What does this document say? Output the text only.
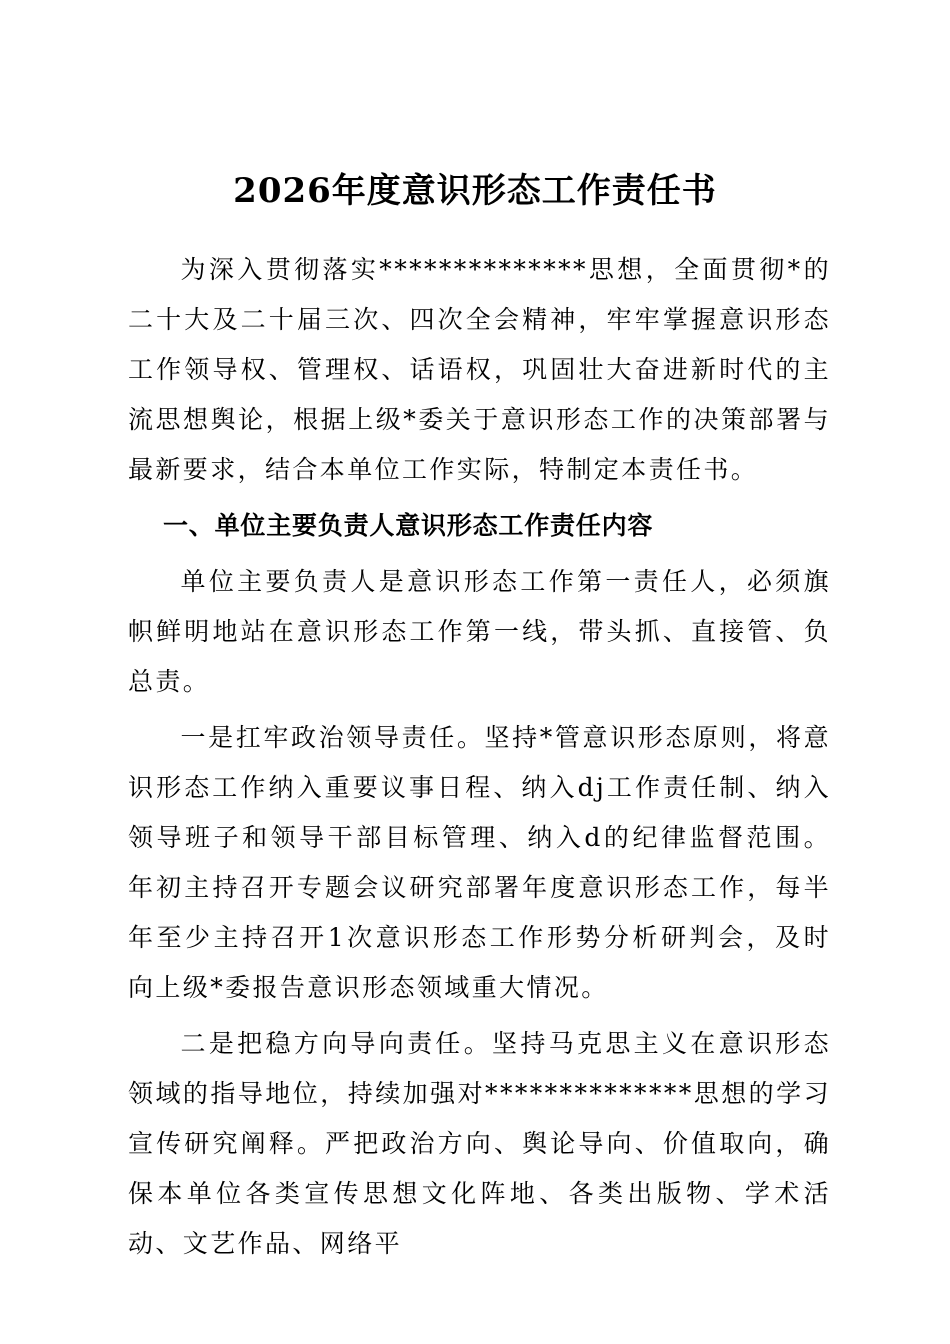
2026年度意识形态工作责任书

为深入贯彻落实**************思想，全面贯彻*的二十大及二十届三次、四次全会精神，牢牢掌握意识形态工作领导权、管理权、话语权，巩固壮大奋进新时代的主流思想舆论，根据上级*委关于意识形态工作的决策部署与最新要求，结合本单位工作实际，特制定本责任书。

一、单位主要负责人意识形态工作责任内容

单位主要负责人是意识形态工作第一责任人，必须旗帜鲜明地站在意识形态工作第一线，带头抓、直接管、负总责。

一是扛牢政治领导责任。坚持*管意识形态原则，将意识形态工作纳入重要议事日程、纳入dj工作责任制、纳入领导班子和领导干部目标管理、纳入d的纪律监督范围。年初主持召开专题会议研究部署年度意识形态工作，每半年至少主持召开1次意识形态工作形势分析研判会，及时向上级*委报告意识形态领域重大情况。

二是把稳方向导向责任。坚持马克思主义在意识形态领域的指导地位，持续加强对**************思想的学习宣传研究阐释。严把政治方向、舆论导向、价值取向，确保本单位各类宣传思想文化阵地、各类出版物、学术活动、文艺作品、网络平
